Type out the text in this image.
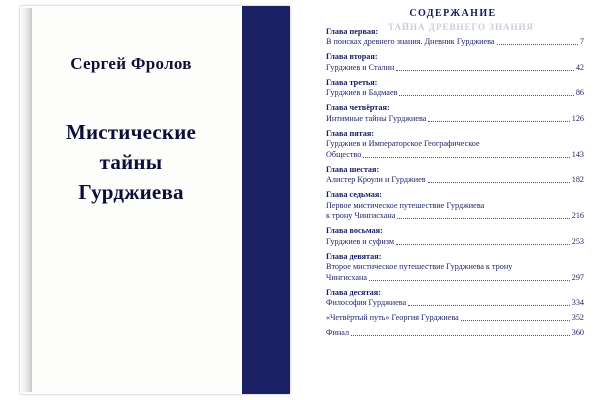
Сергей Фролов
Мистические
тайны
Гурджиева
ТАЙНА ДРЕВНЕГО ЗНАНИЯ
СОДЕРЖАНИЕ
Глава первая:
В поисках древнего знания. Дневник Гурджиева	7
Глава вторая:
Гурджиев и Сталин	42
Глава третья:
Гурджиев и Бадмаев	86
Глава четвёртая:
Интимные тайны Гурджиева	126
Глава пятая:
Гурджиев и Императорское Географическое
Общество	143
Глава шестая:
Алистер Кроули и Гурджиев	182
Глава седьмая:
Первое мистическое путешествие Гурджиева
к трону Чингисхана	216
Глава восьмая:
Гурджиев и суфизм	253
Глава девятая:
Второе мистическое путешествие Гурджиева к трону
Чингисхана	297
Глава десятая:
Философия Гурджиева	334
«Четвёртый путь» Георгия Гурджиева	352
Финал	360
